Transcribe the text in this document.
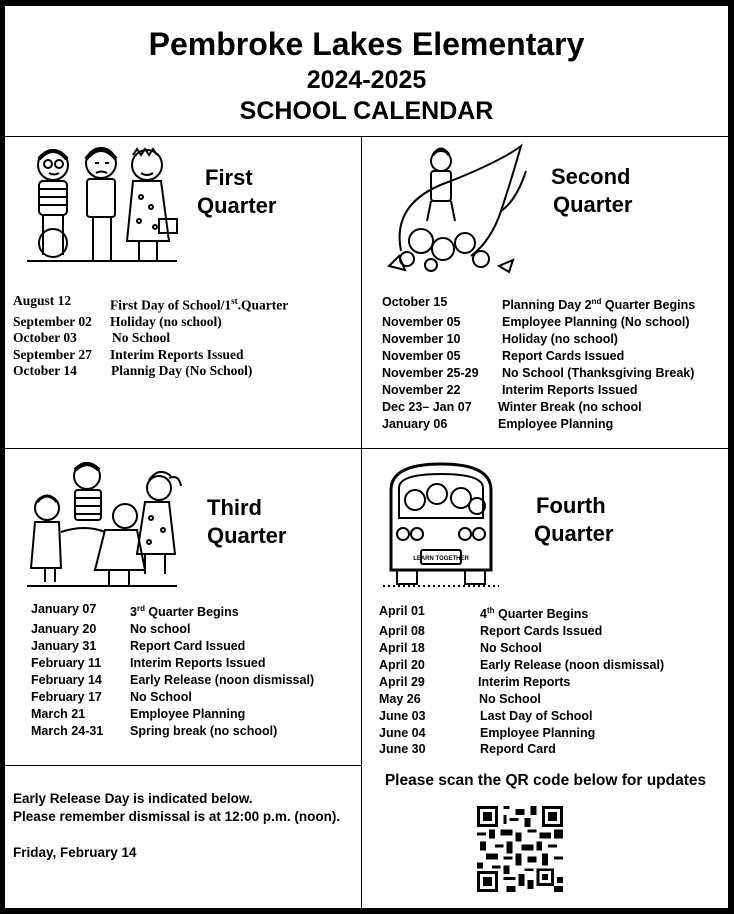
Pembroke Lakes Elementary
2024-2025
SCHOOL CALENDAR
First
Quarter
August 12	First Day of School/1st.Quarter
September 02	Holiday (no school)
October 03	No School
September 27	Interim Reports Issued
October 14	Plannig Day (No School)
Second
Quarter
October 15	Planning Day 2nd Quarter Begins
November 05	Employee Planning (No school)
November 10	Holiday (no school)
November 05	Report Cards Issued
November 25-29	No School (Thanksgiving Break)
November 22	Interim Reports Issued
Dec 23– Jan 07	Winter Break (no school
January 06	Employee Planning
Third
Quarter
January 07	3rd Quarter Begins
January 20	No school
January 31	Report Card Issued
February 11	Interim Reports Issued
February 14	Early Release (noon dismissal)
February 17	No School
March 21	Employee Planning
March 24-31	Spring break (no school)
LEARN TOGETHER
Fourth
Quarter
April 01	4th Quarter Begins
April 08	Report Cards Issued
April 18	No School
April 20	Early Release (noon dismissal)
April 29	Interim Reports
May 26	No School
June 03	Last Day of School
June 04	Employee Planning
June 30	Repord Card
Early Release Day is indicated below.
Please remember dismissal is at 12:00 p.m. (noon).
Friday, February 14
Please scan the QR code below for updates
